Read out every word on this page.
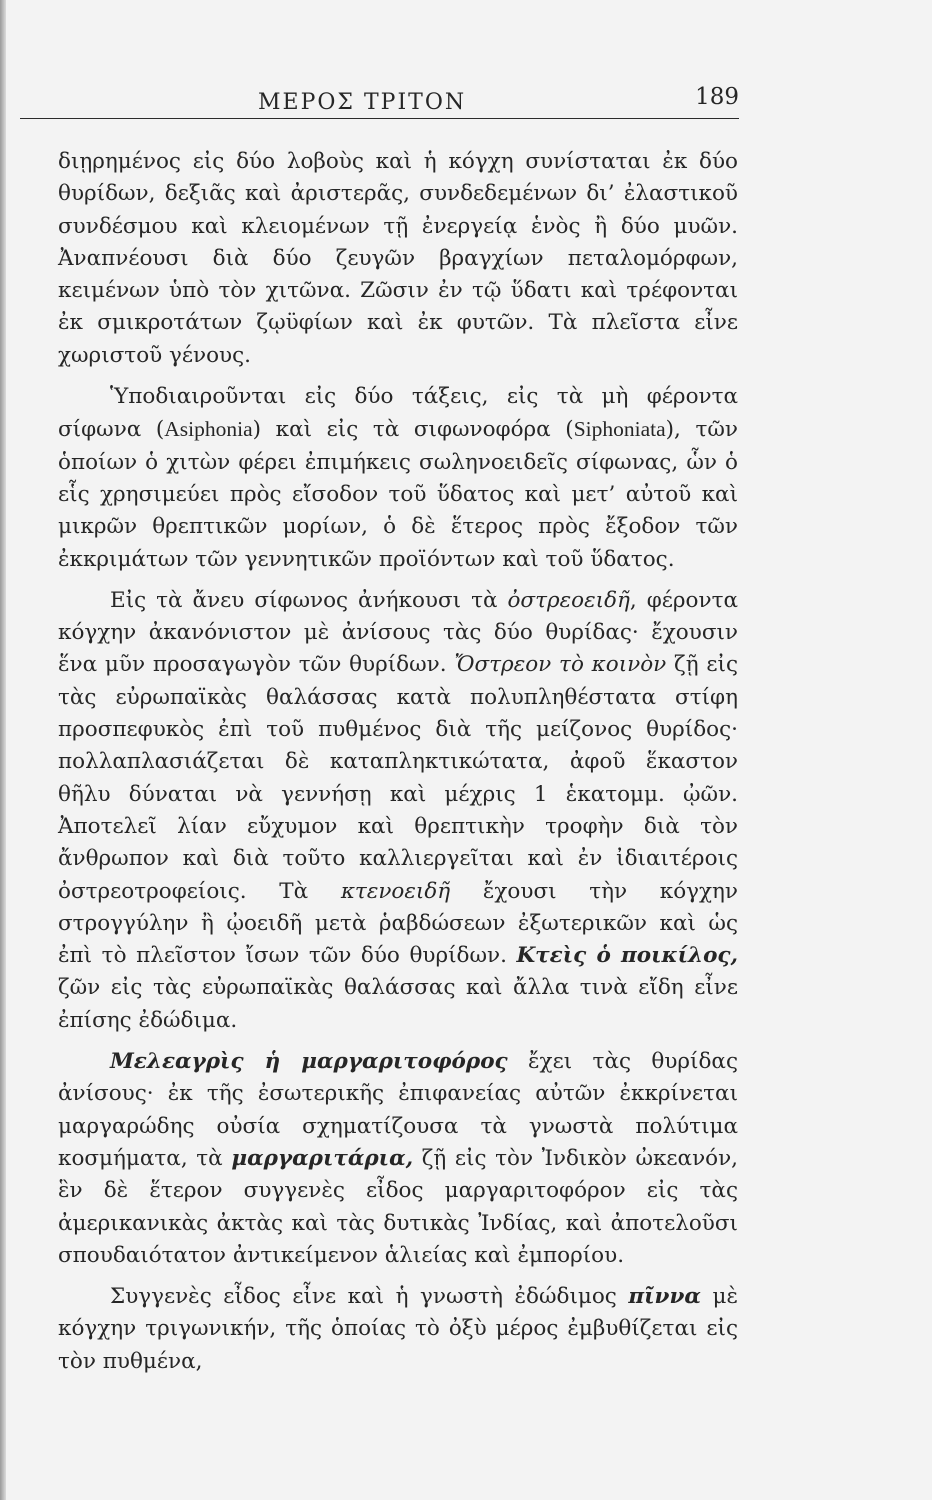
ΜΕΡΟΣ ΤΡΙΤΟΝ	189

διῃρημένος εἰς δύο λοβοὺς καὶ ἡ κόγχη συνίσταται ἐκ δύο θυρίδων, δεξιᾶς καὶ ἀριστερᾶς, συνδεδεμένων δι’ ἐλαστικοῦ συνδέσμου καὶ κλειομένων τῇ ἐνεργείᾳ ἑνὸς ἢ δύο μυῶν. Ἀναπνέουσι διὰ δύο ζευγῶν βραγχίων πεταλομόρφων, κειμένων ὑπὸ τὸν χιτῶνα. Ζῶσιν ἐν τῷ ὕδατι καὶ τρέφονται ἐκ σμικροτάτων ζῳϋφίων καὶ ἐκ φυτῶν. Τὰ πλεῖστα εἶνε χωριστοῦ γένους.

Ὑποδιαιροῦνται εἰς δύο τάξεις, εἰς τὰ μὴ φέροντα σίφωνα (Asiphonia) καὶ εἰς τὰ σιφωνοφόρα (Siphoniata), τῶν ὁποίων ὁ χιτὼν φέρει ἐπιμήκεις σωληνοειδεῖς σίφωνας, ὧν ὁ εἷς χρησιμεύει πρὸς εἴσοδον τοῦ ὕδατος καὶ μετ’ αὐτοῦ καὶ μικρῶν θρεπτικῶν μορίων, ὁ δὲ ἕτερος πρὸς ἔξοδον τῶν ἐκκριμάτων τῶν γεννητικῶν προϊόντων καὶ τοῦ ὕδατος.

Εἰς τὰ ἄνευ σίφωνος ἀνήκουσι τὰ ὀστρεοειδῆ, φέροντα κόγχην ἀκανόνιστον μὲ ἀνίσους τὰς δύο θυρίδας· ἔχουσιν ἕνα μῦν προσαγωγὸν τῶν θυρίδων. Ὄστρεον τὸ κοινὸν ζῇ εἰς τὰς εὐρωπαϊκὰς θαλάσσας κατὰ πολυπληθέστατα στίφη προσπεφυκὸς ἐπὶ τοῦ πυθμένος διὰ τῆς μείζονος θυρίδος· πολλαπλασιάζεται δὲ καταπληκτικώτατα, ἀφοῦ ἕκαστον θῆλυ δύναται νὰ γεννήσῃ καὶ μέχρις 1 ἑκατομμ. ᾠῶν. Ἀποτελεῖ λίαν εὔχυμον καὶ θρεπτικὴν τροφὴν διὰ τὸν ἄνθρωπον καὶ διὰ τοῦτο καλλιεργεῖται καὶ ἐν ἰδιαιτέροις ὀστρεοτροφείοις. Τὰ κτενοειδῆ ἔχουσι τὴν κόγχην στρογγύλην ἢ ᾠοειδῆ μετὰ ῥαβδώσεων ἐξωτερικῶν καὶ ὡς ἐπὶ τὸ πλεῖστον ἴσων τῶν δύο θυρίδων. Κτεὶς ὁ ποικίλος, ζῶν εἰς τὰς εὐρωπαϊκὰς θαλάσσας καὶ ἄλλα τινὰ εἴδη εἶνε ἐπίσης ἐδώδιμα.

Μελεαγρὶς ἡ μαργαριτοφόρος ἔχει τὰς θυρίδας ἀνίσους· ἐκ τῆς ἐσωτερικῆς ἐπιφανείας αὐτῶν ἐκκρίνεται μαργαρώδης οὐσία σχηματίζουσα τὰ γνωστὰ πολύτιμα κοσμήματα, τὰ μαργαριτάρια, ζῇ εἰς τὸν Ἰνδικὸν ὠκεανόν, ἓν δὲ ἕτερον συγγενὲς εἶδος μαργαριτοφόρον εἰς τὰς ἀμερικανικὰς ἀκτὰς καὶ τὰς δυτικὰς Ἰνδίας, καὶ ἀποτελοῦσι σπουδαιότατον ἀντικείμενον ἁλιείας καὶ ἐμπορίου.

Συγγενὲς εἶδος εἶνε καὶ ἡ γνωστὴ ἐδώδιμος πῖννα μὲ κόγχην τριγωνικήν, τῆς ὁποίας τὸ ὀξὺ μέρος ἐμβυθίζεται εἰς τὸν πυθμένα,
